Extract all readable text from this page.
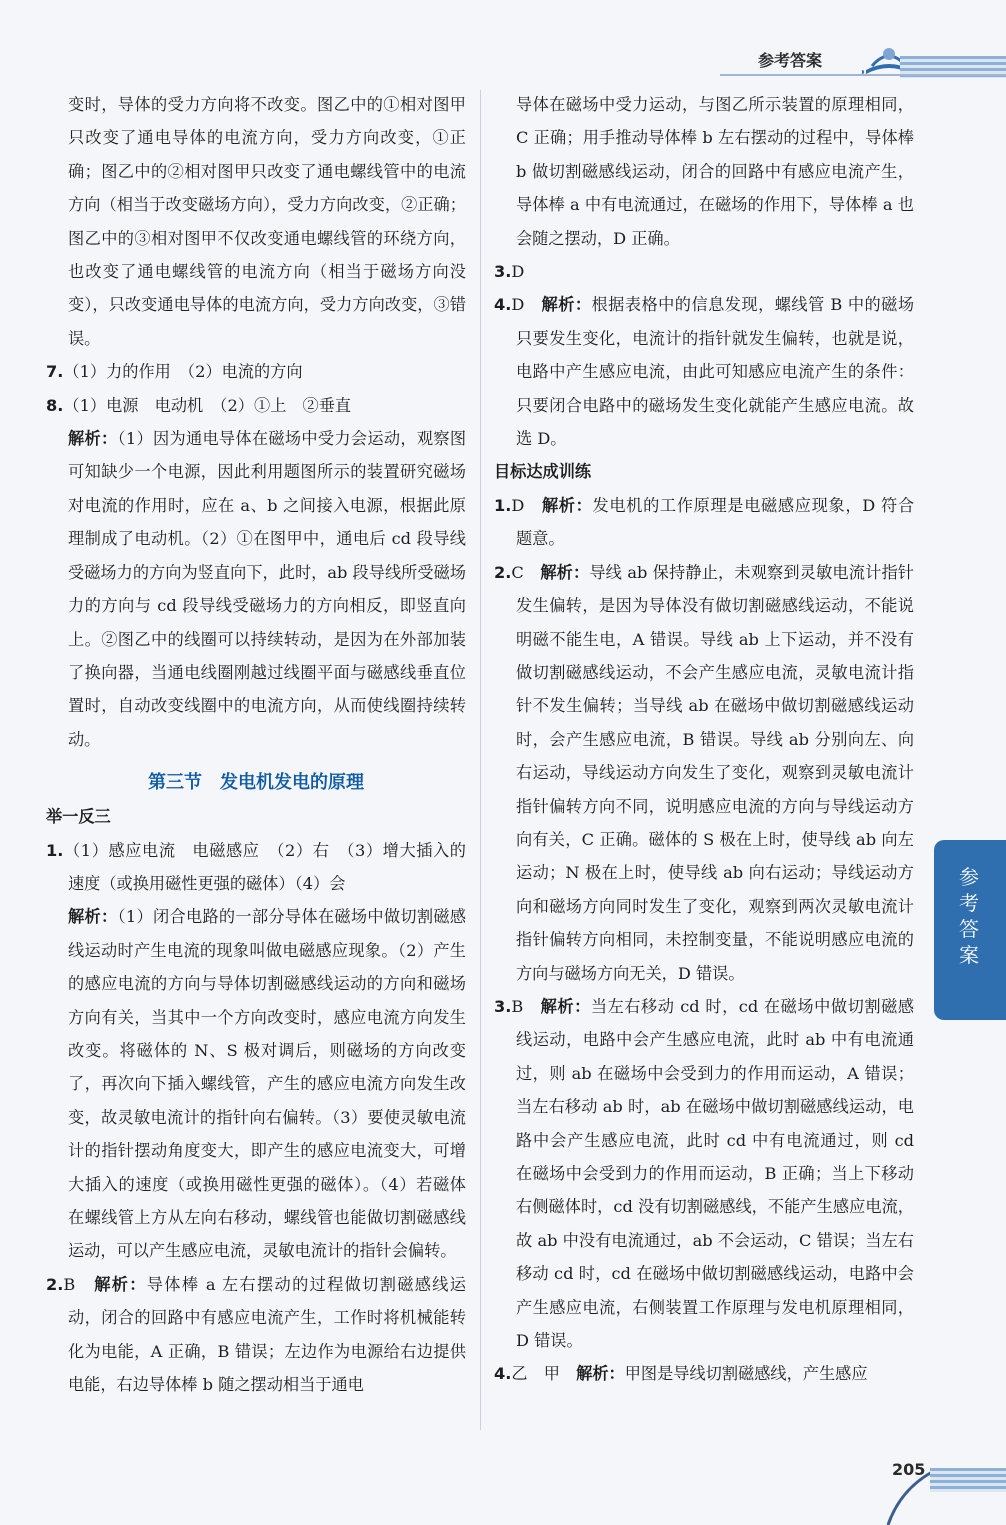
参考答案

变时，导体的受力方向将不改变。图乙中的①相对图甲只改变了通电导体的电流方向，受力方向改变，①正确；图乙中的②相对图甲只改变了通电螺线管中的电流方向（相当于改变磁场方向），受力方向改变，②正确；图乙中的③相对图甲不仅改变通电螺线管的环绕方向，也改变了通电螺线管的电流方向（相当于磁场方向没变），只改变通电导体的电流方向，受力方向改变，③错误。

7.（1）力的作用　（2）电流的方向

8.（1）电源　电动机　（2）①上　②垂直

解析：（1）因为通电导体在磁场中受力会运动，观察图可知缺少一个电源，因此利用题图所示的装置研究磁场对电流的作用时，应在 a、b 之间接入电源，根据此原理制成了电动机。（2）①在图甲中，通电后 cd 段导线受磁场力的方向为竖直向下，此时，ab 段导线所受磁场力的方向与 cd 段导线受磁场力的方向相反，即竖直向上。②图乙中的线圈可以持续转动，是因为在外部加装了换向器，当通电线圈刚越过线圈平面与磁感线垂直位置时，自动改变线圈中的电流方向，从而使线圈持续转动。

第三节　发电机发电的原理
举一反三

1.（1）感应电流　电磁感应　（2）右　（3）增大插入的速度（或换用磁性更强的磁体）（4）会

解析：（1）闭合电路的一部分导体在磁场中做切割磁感线运动时产生电流的现象叫做电磁感应现象。（2）产生的感应电流的方向与导体切割磁感线运动的方向和磁场方向有关，当其中一个方向改变时，感应电流方向发生改变。将磁体的 N、S 极对调后，则磁场的方向改变了，再次向下插入螺线管，产生的感应电流方向发生改变，故灵敏电流计的指针向右偏转。（3）要使灵敏电流计的指针摆动角度变大，即产生的感应电流变大，可增大插入的速度（或换用磁性更强的磁体）。（4）若磁体在螺线管上方从左向右移动，螺线管也能做切割磁感线运动，可以产生感应电流，灵敏电流计的指针会偏转。

2.B　解析：导体棒 a 左右摆动的过程做切割磁感线运动，闭合的回路中有感应电流产生，工作时将机械能转化为电能，A 正确，B 错误；左边作为电源给右边提供电能，右边导体棒 b 随之摆动相当于通电

导体在磁场中受力运动，与图乙所示装置的原理相同，C 正确；用手推动导体棒 b 左右摆动的过程中，导体棒 b 做切割磁感线运动，闭合的回路中有感应电流产生，导体棒 a 中有电流通过，在磁场的作用下，导体棒 a 也会随之摆动，D 正确。

3.D

4.D　解析：根据表格中的信息发现，螺线管 B 中的磁场只要发生变化，电流计的指针就发生偏转，也就是说，电路中产生感应电流，由此可知感应电流产生的条件：只要闭合电路中的磁场发生变化就能产生感应电流。故选 D。

目标达成训练

1.D　解析：发电机的工作原理是电磁感应现象，D 符合题意。

2.C　解析：导线 ab 保持静止，未观察到灵敏电流计指针发生偏转，是因为导体没有做切割磁感线运动，不能说明磁不能生电，A 错误。导线 ab 上下运动，并不没有做切割磁感线运动，不会产生感应电流，灵敏电流计指针不发生偏转；当导线 ab 在磁场中做切割磁感线运动时，会产生感应电流，B 错误。导线 ab 分别向左、向右运动，导线运动方向发生了变化，观察到灵敏电流计指针偏转方向不同，说明感应电流的方向与导线运动方向有关，C 正确。磁体的 S 极在上时，使导线 ab 向左运动；N 极在上时，使导线 ab 向右运动；导线运动方向和磁场方向同时发生了变化，观察到两次灵敏电流计指针偏转方向相同，未控制变量，不能说明感应电流的方向与磁场方向无关，D 错误。

3.B　解析：当左右移动 cd 时，cd 在磁场中做切割磁感线运动，电路中会产生感应电流，此时 ab 中有电流通过，则 ab 在磁场中会受到力的作用而运动，A 错误；当左右移动 ab 时，ab 在磁场中做切割磁感线运动，电路中会产生感应电流，此时 cd 中有电流通过，则 cd 在磁场中会受到力的作用而运动，B 正确；当上下移动右侧磁体时，cd 没有切割磁感线，不能产生感应电流，故 ab 中没有电流通过，ab 不会运动，C 错误；当左右移动 cd 时，cd 在磁场中做切割磁感线运动，电路中会产生感应电流，右侧装置工作原理与发电机原理相同，D 错误。

4.乙　甲　解析：甲图是导线切割磁感线，产生感应

参考答案
205
